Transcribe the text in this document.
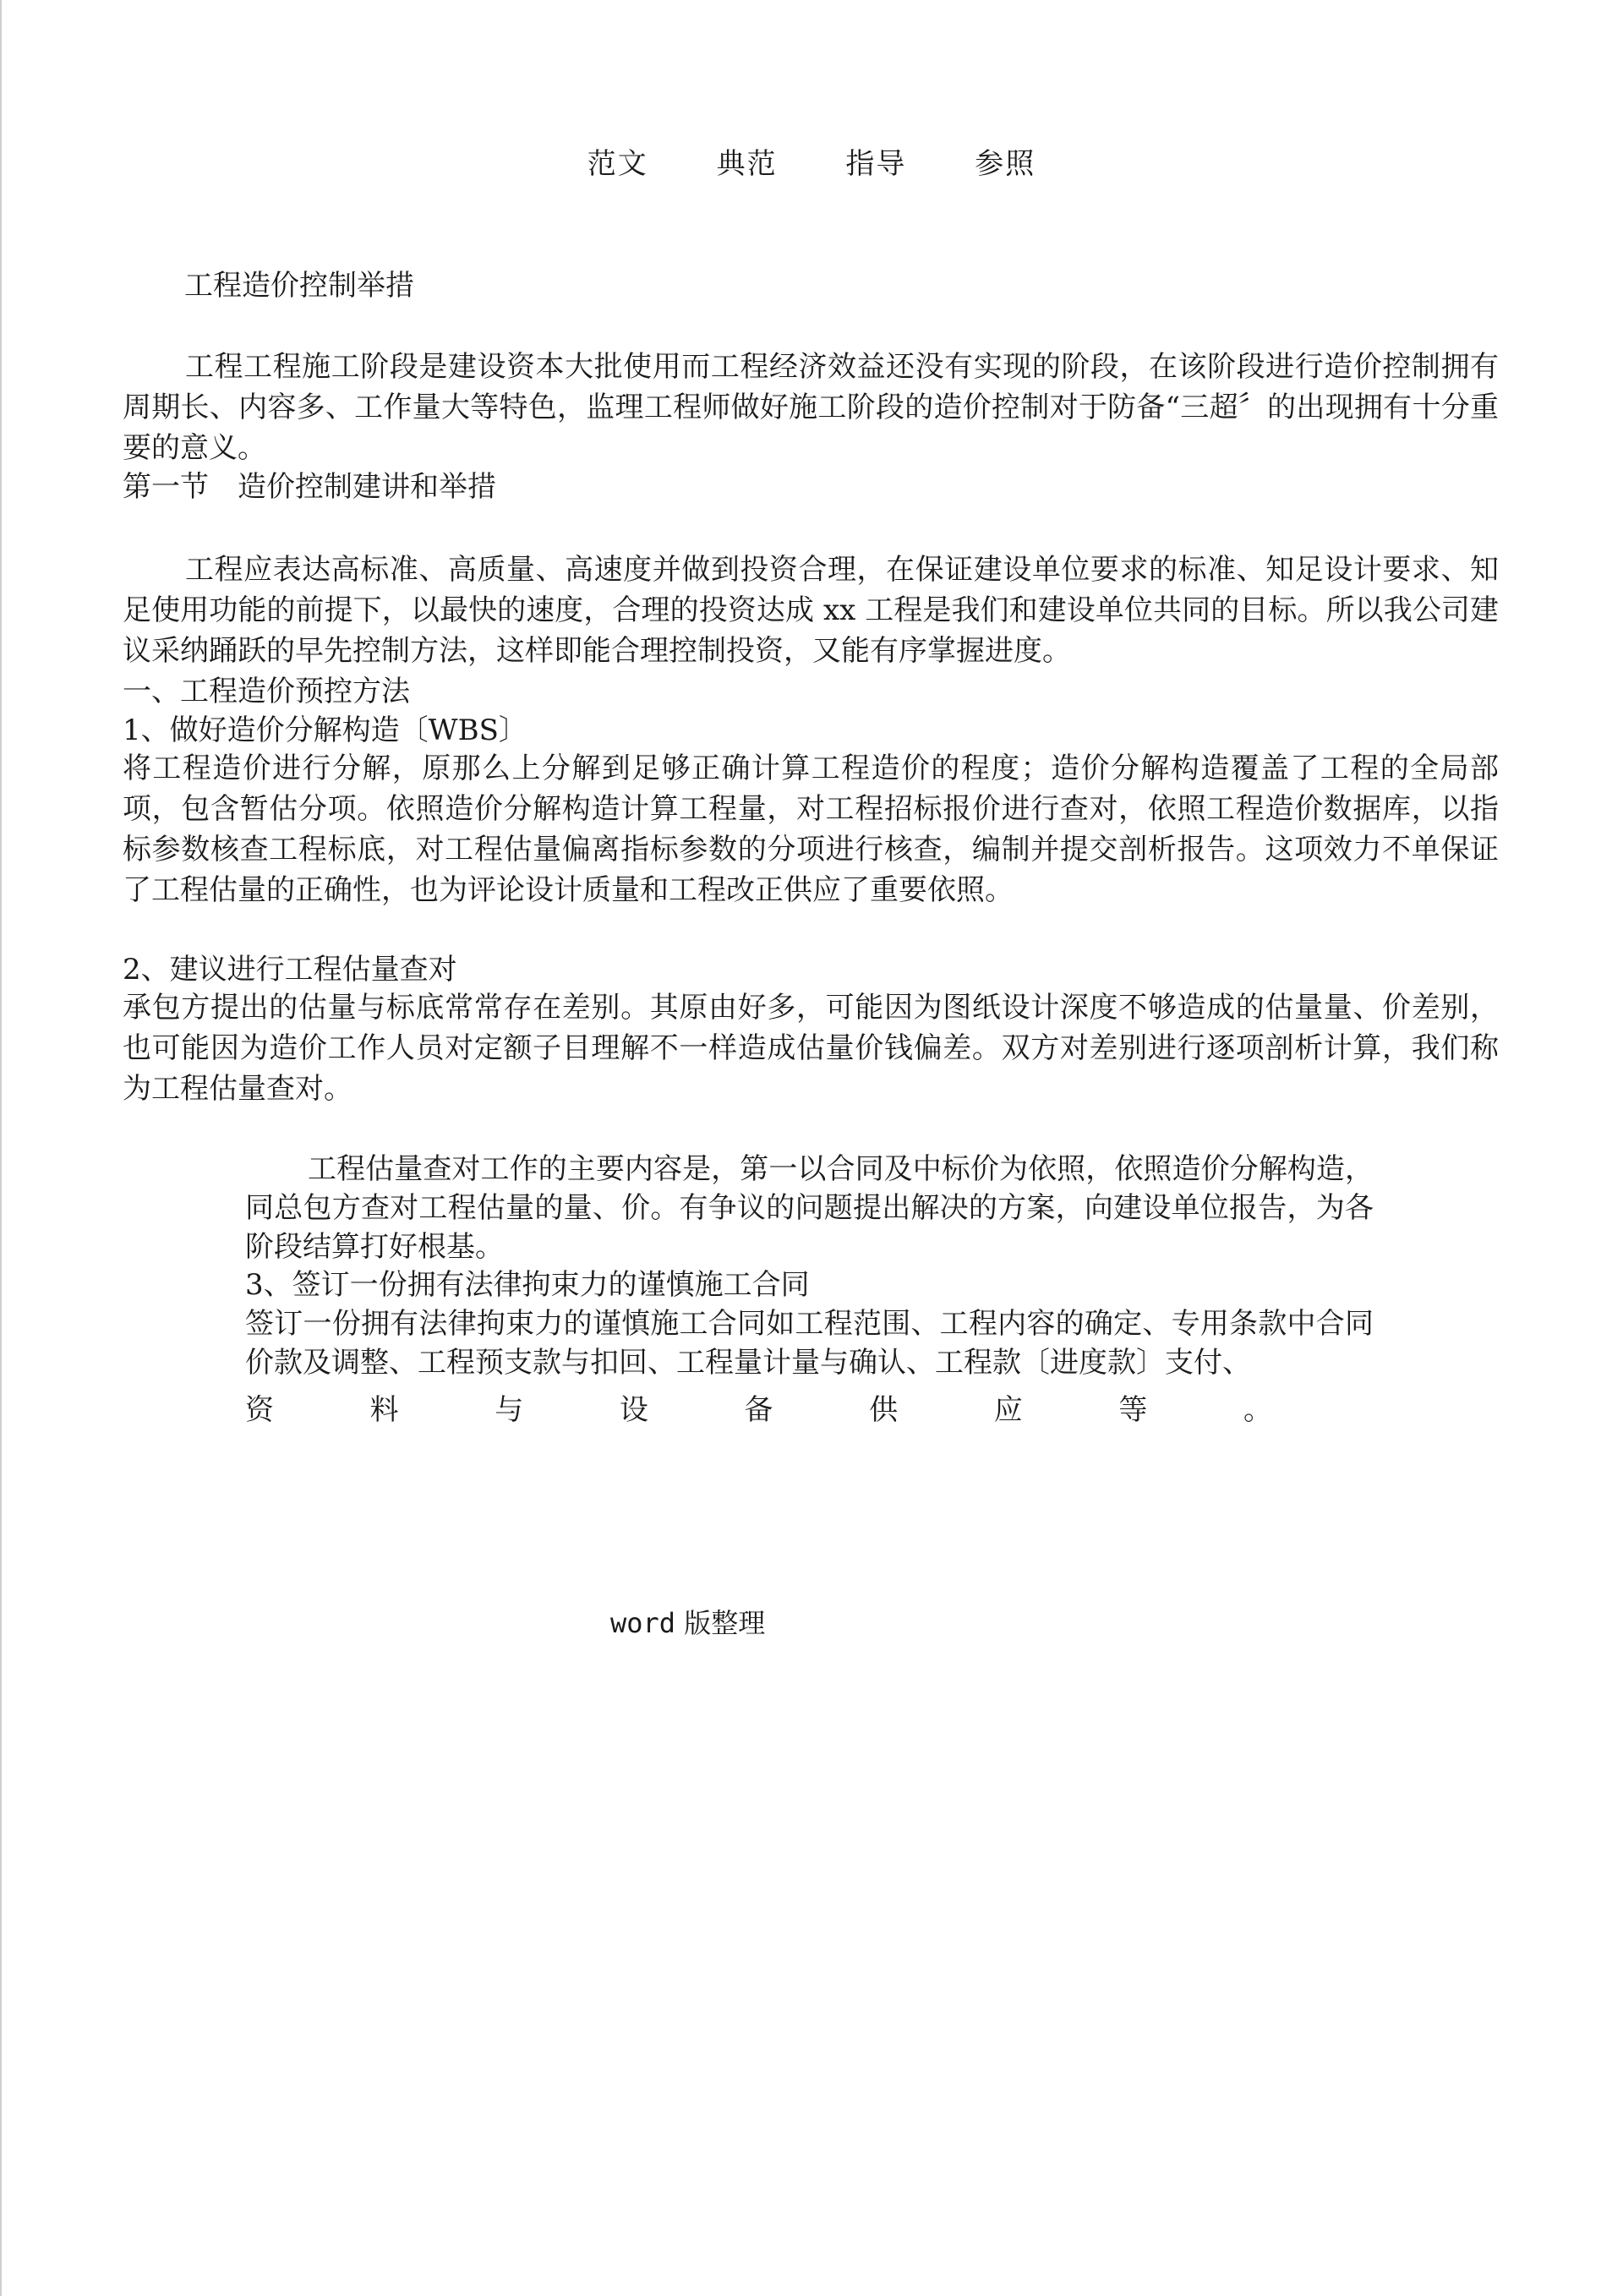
范文 典范 指导 参照
工程造价控制举措
工程工程施工阶段是建设资本大批使用而工程经济效益还没有实现的阶段，在该阶段进行造价控制拥有周期长、内容多、工作量大等特色，监理工程师做好施工阶段的造价控制对于防备“三超〞的出现拥有十分重要的意义。
第一节　造价控制建讲和举措
工程应表达高标准、高质量、高速度并做到投资合理，在保证建设单位要求的标准、知足设计要求、知足使用功能的前提下，以最快的速度，合理的投资达成 xx 工程是我们和建设单位共同的目标。所以我公司建议采纳踊跃的早先控制方法，这样即能合理控制投资，又能有序掌握进度。
一、工程造价预控方法
1、做好造价分解构造〔WBS〕
将工程造价进行分解，原那么上分解到足够正确计算工程造价的程度；造价分解构造覆盖了工程的全局部项，包含暂估分项。依照造价分解构造计算工程量，对工程招标报价进行查对，依照工程造价数据库，以指标参数核查工程标底，对工程估量偏离指标参数的分项进行核查，编制并提交剖析报告。这项效力不单保证了工程估量的正确性，也为评论设计质量和工程改正供应了重要依照。
2、建议进行工程估量查对
承包方提出的估量与标底常常存在差别。其原由好多，可能因为图纸设计深度不够造成的估量量、价差别，也可能因为造价工作人员对定额子目理解不一样造成估量价钱偏差。双方对差别进行逐项剖析计算，我们称为工程估量查对。
工程估量查对工作的主要内容是，第一以合同及中标价为依照，依照造价分解构造，同总包方查对工程估量的量、价。有争议的问题提出解决的方案，向建设单位报告，为各阶段结算打好根基。
3、签订一份拥有法律拘束力的谨慎施工合同
签订一份拥有法律拘束力的谨慎施工合同如工程范围、工程内容的确定、专用条款中合同价款及调整、工程预支款与扣回、工程量计量与确认、工程款〔进度款〕支付、
资	料	与	设	备	供	应	等	。
word 版整理
